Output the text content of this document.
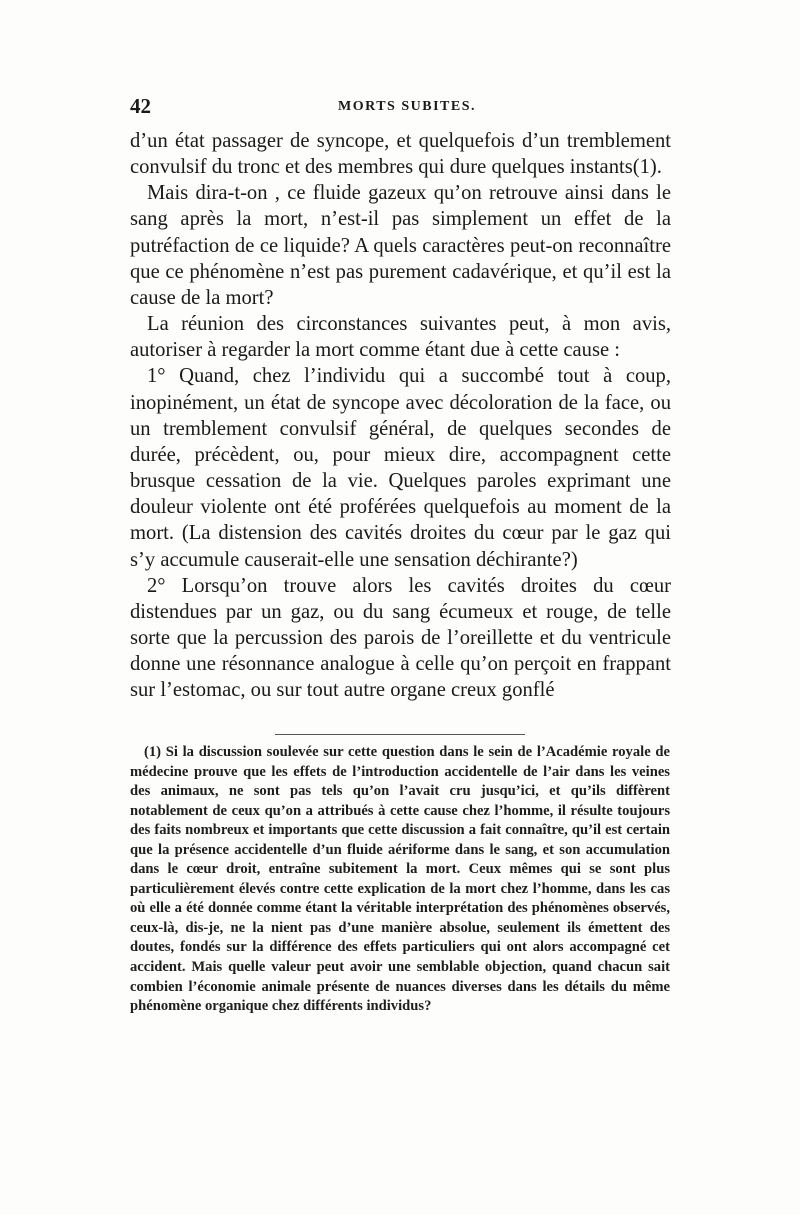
42	MORTS SUBITES.

d’un état passager de syncope, et quelquefois d’un tremblement convulsif du tronc et des membres qui dure quelques instants(1).

Mais dira-t-on , ce fluide gazeux qu’on retrouve ainsi dans le sang après la mort, n’est-il pas simplement un effet de la putréfaction de ce liquide? A quels caractères peut-on reconnaître que ce phénomène n’est pas purement cadavérique, et qu’il est la cause de la mort?

La réunion des circonstances suivantes peut, à mon avis, autoriser à regarder la mort comme étant due à cette cause :

1° Quand, chez l’individu qui a succombé tout à coup, inopinément, un état de syncope avec décoloration de la face, ou un tremblement convulsif général, de quelques secondes de durée, précèdent, ou, pour mieux dire, accompagnent cette brusque cessation de la vie. Quelques paroles exprimant une douleur violente ont été proférées quelquefois au moment de la mort. (La distension des cavités droites du cœur par le gaz qui s’y accumule causerait-elle une sensation déchirante?)

2° Lorsqu’on trouve alors les cavités droites du cœur distendues par un gaz, ou du sang écumeux et rouge, de telle sorte que la percussion des parois de l’oreillette et du ventricule donne une résonnance analogue à celle qu’on perçoit en frappant sur l’estomac, ou sur tout autre organe creux gonflé

(1) Si la discussion soulevée sur cette question dans le sein de l’Académie royale de médecine prouve que les effets de l’introduction accidentelle de l’air dans les veines des animaux, ne sont pas tels qu’on l’avait cru jusqu’ici, et qu’ils diffèrent notablement de ceux qu’on a attribués à cette cause chez l’homme, il résulte toujours des faits nombreux et importants que cette discussion a fait connaître, qu’il est certain que la présence accidentelle d’un fluide aériforme dans le sang, et son accumulation dans le cœur droit, entraîne subitement la mort. Ceux mêmes qui se sont plus particulièrement élevés contre cette explication de la mort chez l’homme, dans les cas où elle a été donnée comme étant la véritable interprétation des phénomènes observés, ceux-là, dis-je, ne la nient pas d’une manière absolue, seulement ils émettent des doutes, fondés sur la différence des effets particuliers qui ont alors accompagné cet accident. Mais quelle valeur peut avoir une semblable objection, quand chacun sait combien l’économie animale présente de nuances diverses dans les détails du même phénomène organique chez différents individus?
